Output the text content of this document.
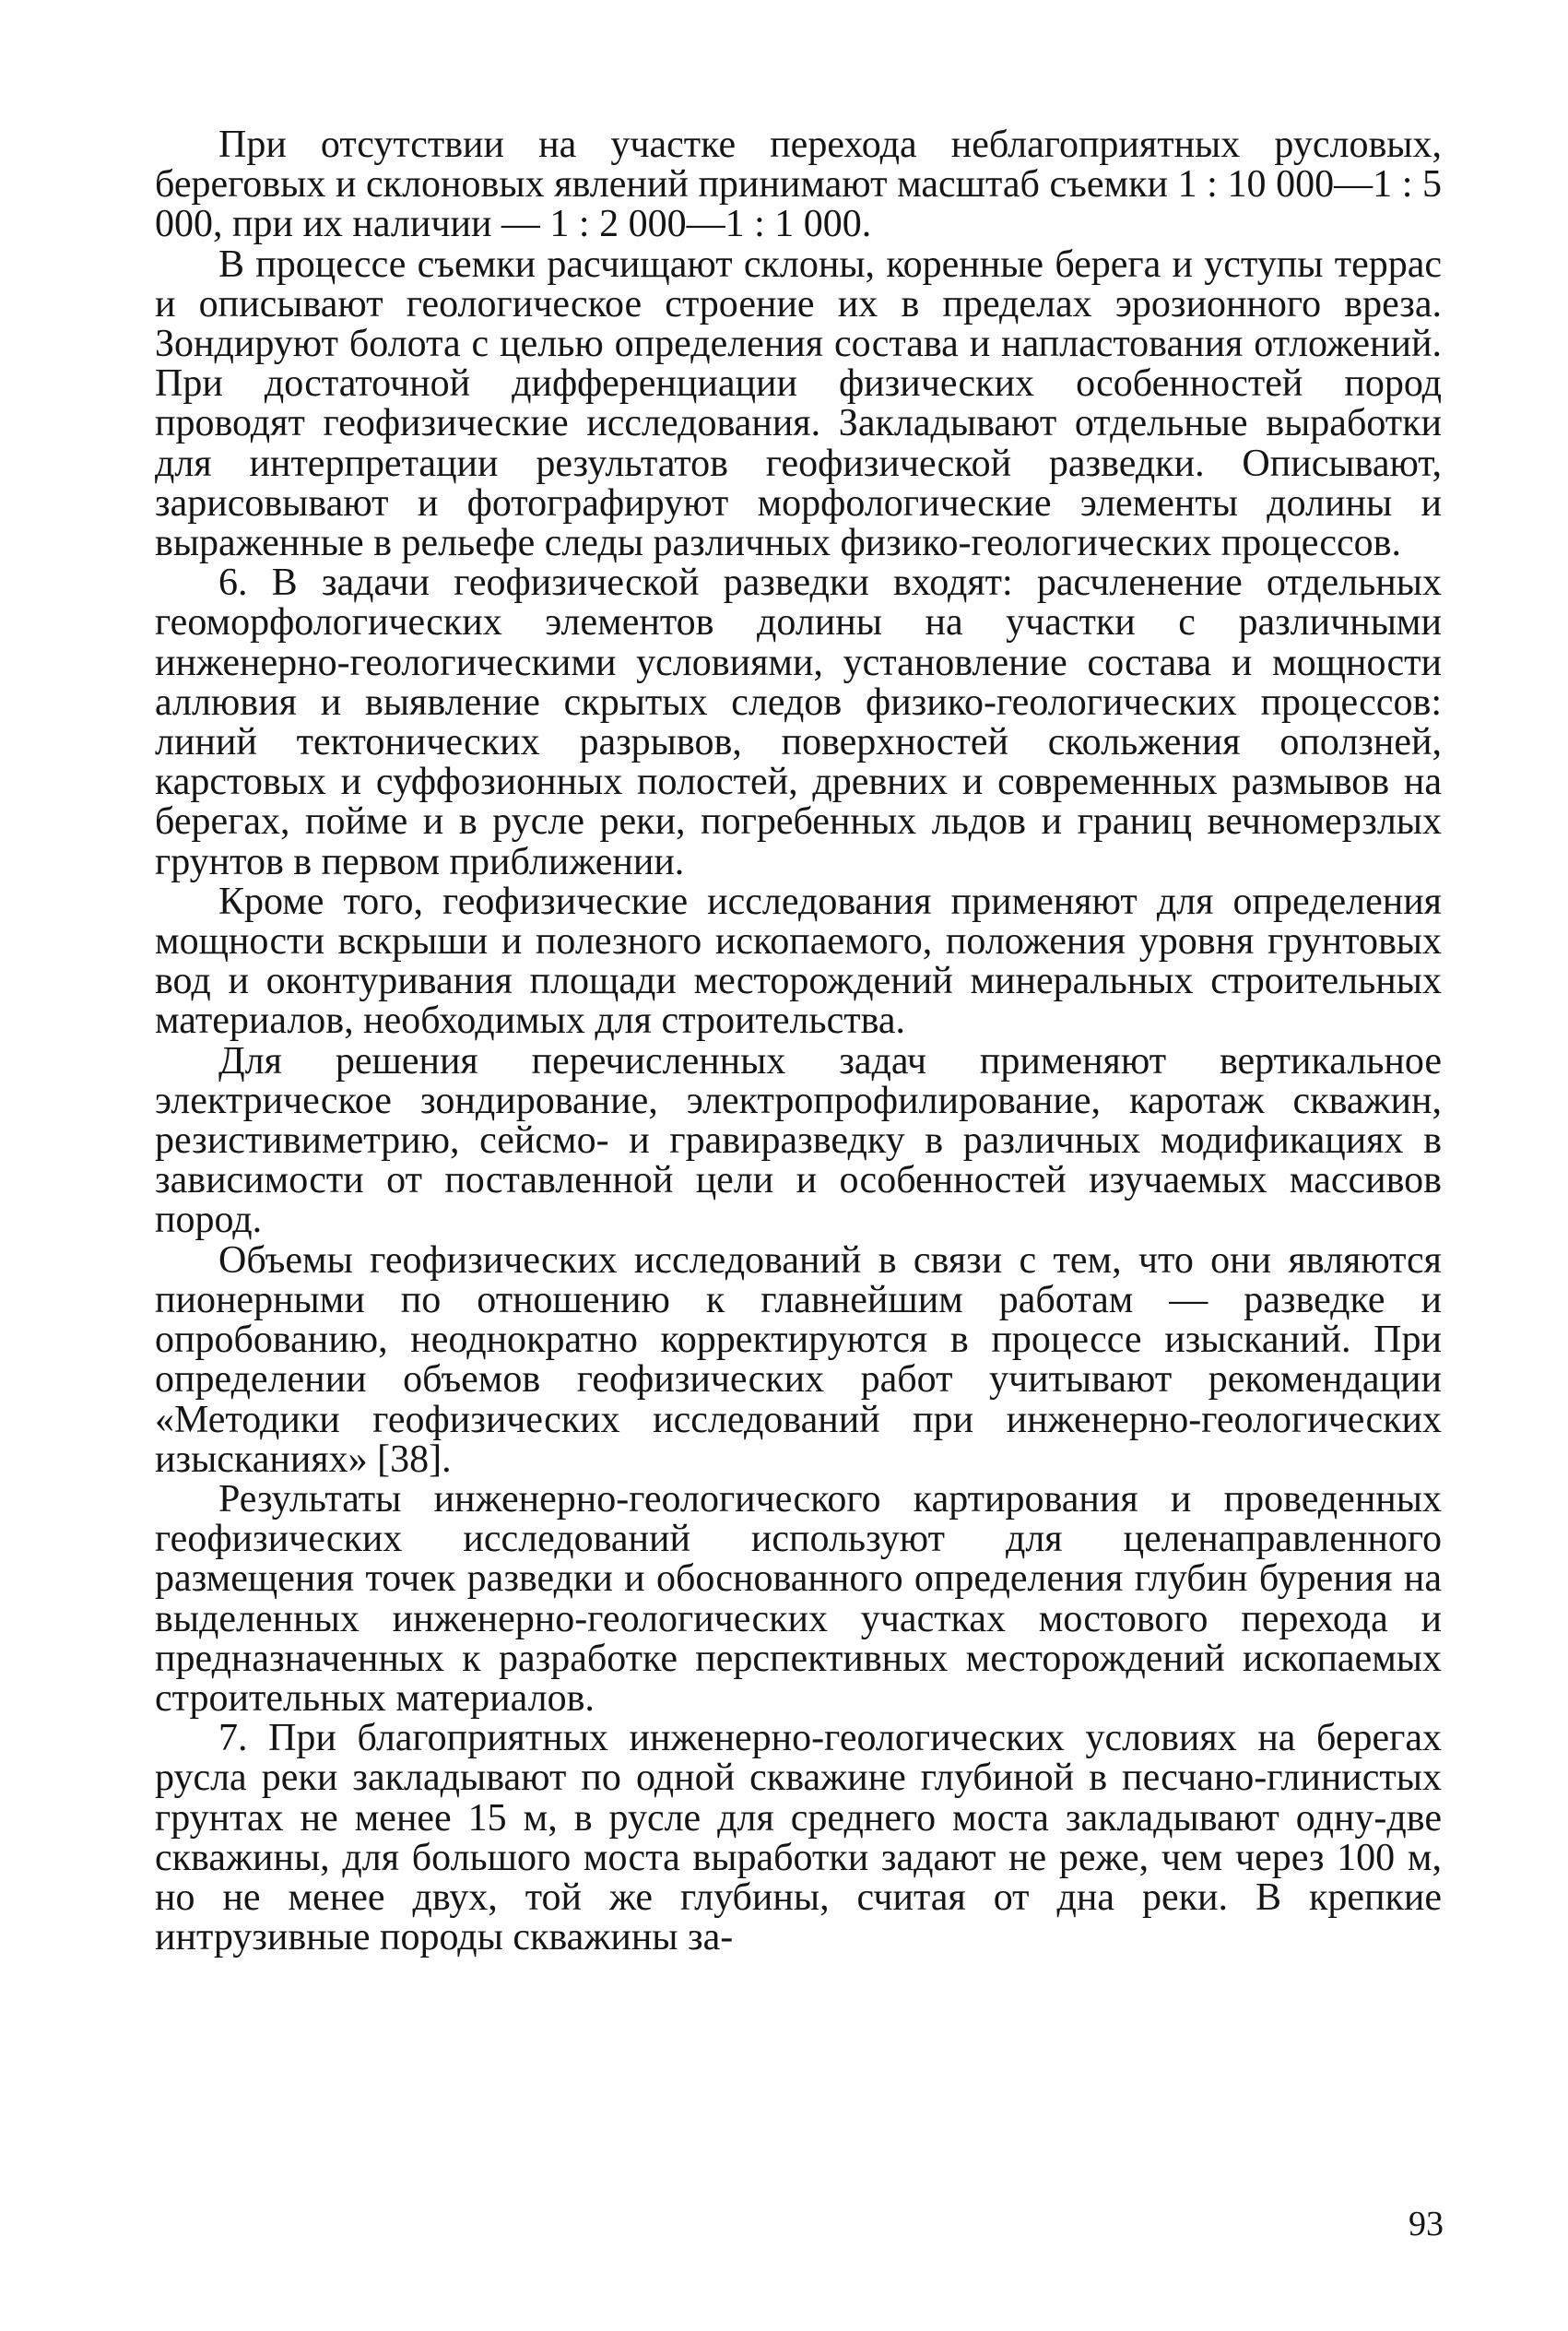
При отсутствии на участке перехода неблагоприятных русловых, береговых и склоновых явлений принимают масштаб съемки 1 : 10 000—1 : 5 000, при их наличии — 1 : 2 000—1 : 1 000.

В процессе съемки расчищают склоны, коренные берега и уступы террас и описывают геологическое строение их в пределах эрозионного вреза. Зондируют болота с целью определения состава и напластования отложений. При достаточной дифференциации физических особенностей пород проводят геофизические исследования. Закладывают отдельные выработки для интерпретации результатов геофизической разведки. Описывают, зарисовывают и фотографируют морфологические элементы долины и выраженные в рельефе следы различных физико-геологических процессов.

6. В задачи геофизической разведки входят: расчленение отдельных геоморфологических элементов долины на участки с различными инженерно-геологическими условиями, установление состава и мощности аллювия и выявление скрытых следов физико-геологических процессов: линий тектонических разрывов, поверхностей скольжения оползней, карстовых и суффозионных полостей, древних и современных размывов на берегах, пойме и в русле реки, погребенных льдов и границ вечномерзлых грунтов в первом приближении.

Кроме того, геофизические исследования применяют для определения мощности вскрыши и полезного ископаемого, положения уровня грунтовых вод и оконтуривания площади месторождений минеральных строительных материалов, необходимых для строительства.

Для решения перечисленных задач применяют вертикальное электрическое зондирование, электропрофилирование, каротаж скважин, резистивиметрию, сейсмо- и гравиразведку в различных модификациях в зависимости от поставленной цели и особенностей изучаемых массивов пород.

Объемы геофизических исследований в связи с тем, что они являются пионерными по отношению к главнейшим работам — разведке и опробованию, неоднократно корректируются в процессе изысканий. При определении объемов геофизических работ учитывают рекомендации «Методики геофизических исследований при инженерно-геологических изысканиях» [38].

Результаты инженерно-геологического картирования и проведенных геофизических исследований используют для целенаправленного размещения точек разведки и обоснованного определения глубин бурения на выделенных инженерно-геологических участках мостового перехода и предназначенных к разработке перспективных месторождений ископаемых строительных материалов.

7. При благоприятных инженерно-геологических условиях на берегах русла реки закладывают по одной скважине глубиной в песчано-глинистых грунтах не менее 15 м, в русле для среднего моста закладывают одну-две скважины, для большого моста выработки задают не реже, чем через 100 м, но не менее двух, той же глубины, считая от дна реки. В крепкие интрузивные породы скважины за-

93
